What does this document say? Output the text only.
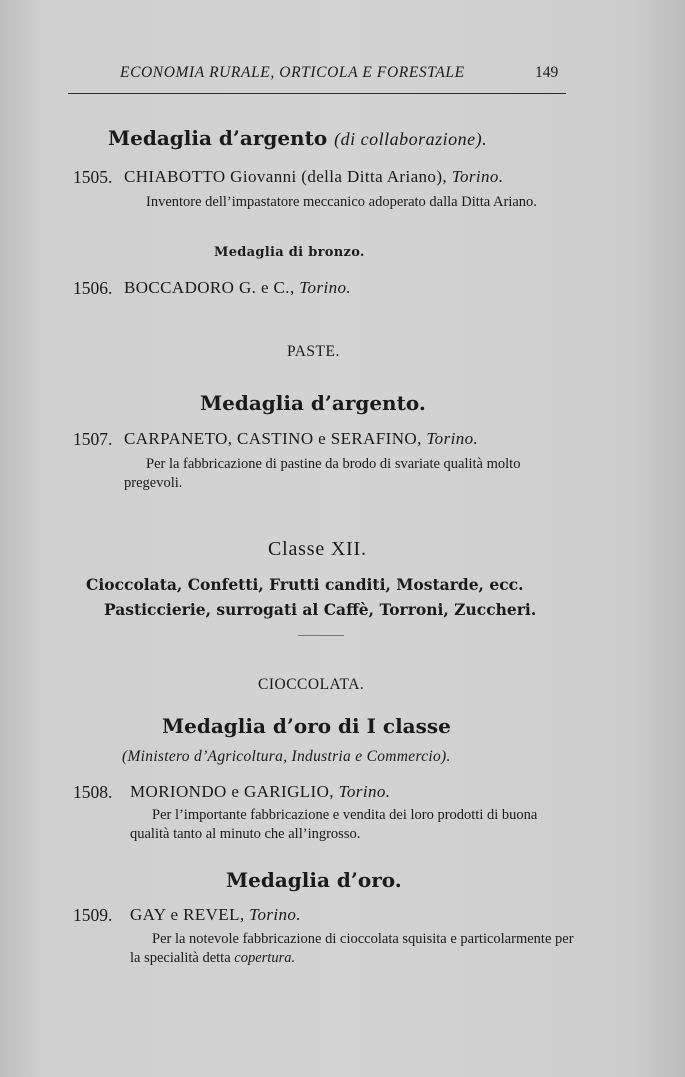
ECONOMIA RURALE, ORTICOLA E FORESTALE	149
Medaglia d’argento (di collaborazione).
1505. CHIABOTTO Giovanni (della Ditta Ariano), Torino.
Inventore dell’impastatore meccanico adoperato dalla Ditta Ariano.
Medaglia di bronzo.
1506. BOCCADORO G. e C., Torino.
PASTE.
Medaglia d’argento.
1507. CARPANETO, CASTINO e SERAFINO, Torino.
Per la fabbricazione di pastine da brodo di svariate qualità molto pregevoli.
Classe XII.
Cioccolata, Confetti, Frutti canditi, Mostarde, ecc.
Pasticcierie, surrogati al Caffè, Torroni, Zuccheri.
CIOCCOLATA.
Medaglia d’oro di I classe
(Ministero d’Agricoltura, Industria e Commercio).
1508. MORIONDO e GARIGLIO, Torino.
Per l’importante fabbricazione e vendita dei loro prodotti di buona qualità tanto al minuto che all’ingrosso.
Medaglia d’oro.
1509. GAY e REVEL, Torino.
Per la notevole fabbricazione di cioccolata squisita e particolarmente per la specialità detta copertura.
